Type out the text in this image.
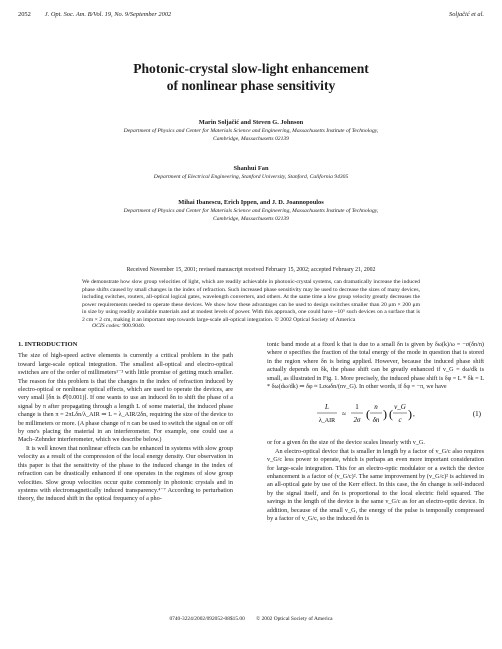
2052 J. Opt. Soc. Am. B/Vol. 19, No. 9/September 2002	Soljačić et al.
Photonic-crystal slow-light enhancement
of nonlinear phase sensitivity
Marin Soljačić and Steven G. Johnson
Department of Physics and Center for Materials Science and Engineering, Massachusetts Institute of Technology,
Cambridge, Massachusetts 02139
Shanhui Fan
Department of Electrical Engineering, Stanford University, Stanford, California 94305
Mihai Ibanescu, Erich Ippen, and J. D. Joannopoulos
Department of Physics and Center for Materials Science and Engineering, Massachusetts Institute of Technology,
Cambridge, Massachusetts 02139
Received November 15, 2001; revised manuscript received February 15, 2002; accepted February 21, 2002
We demonstrate how slow group velocities of light, which are readily achievable in photonic-crystal systems, can dramatically increase the induced phase shifts caused by small changes in the index of refraction. Such increased phase sensitivity may be used to decrease the sizes of many devices, including switches, routers, all-optical logical gates, wavelength converters, and others. At the same time a low group velocity greatly decreases the power requirements needed to operate these devices. We show how these advantages can be used to design switches smaller than 20 μm × 200 μm in size by using readily available materials and at modest levels of power. With this approach, one could have ~10⁵ such devices on a surface that is 2 cm × 2 cm, making it an important step towards large-scale all-optical integration. © 2002 Optical Society of America
OCIS codes: 900.9040.
1. INTRODUCTION

The size of high-speed active elements is currently a critical problem in the path toward large-scale optical integration. The smallest all-optical and electro-optical switches are of the order of millimeters¹⁻³ with little promise of getting much smaller. The reason for this problem is that the changes in the index of refraction induced by electro-optical or nonlinear optical effects, which are used to operate the devices, are very small [δn is 𝒪(0.001)]. If one wants to use an induced δn to shift the phase of a signal by π after propagating through a length L of some material, the induced phase change is then π = 2πLδn/λ_AIR ⇒ L = λ_AIR/2δn, requiring the size of the device to be millimeters or more. (A phase change of π can be used to switch the signal on or off by one's placing the material in an interferometer. For example, one could use a Mach–Zehnder interferometer, which we describe below.)

It is well known that nonlinear effects can be enhanced in systems with slow group velocity as a result of the compression of the local energy density. Our observation in this paper is that the sensitivity of the phase to the induced change in the index of refraction can be drastically enhanced if one operates in the regimes of slow group velocities. Slow group velocities occur quite commonly in photonic crystals and in systems with electromagnetically induced transparency.⁴⁻⁷ According to perturbation theory, the induced shift in the optical frequency of a pho-

tonic band mode at a fixed k that is due to a small δn is given by δω(k)/ω = −σ(δn/n) where σ specifies the fraction of the total energy of the mode in question that is stored in the region where δn is being applied. However, because the induced phase shift actually depends on δk, the phase shift can be greatly enhanced if v_G = dω/dk is small, as illustrated in Fig. 1. More precisely, the induced phase shift is δφ = L * δk = L * δω(dω/dk) ⇒ δφ ≈ Lσωδn/(nv_G). In other words, if δφ = −π, we have

L
λ_AIR
≈
1
2σ ( n
δn ) ( v_G
c ) ,	(1)

or for a given δn the size of the device scales linearly with v_G.

An electro-optical device that is smaller in length by a factor of v_G/c also requires v_G/c less power to operate, which is perhaps an even more important consideration for large-scale integration. This for an electro-optic modulator or a switch the device enhancement is a factor of (v_G/c)². The same improvement by (v_G/c)² is achieved in an all-optical gate by use of the Kerr effect. In this case, the δn change is self-induced by the signal itself, and δn is proportional to the local electric field squared. The savings in the length of the device is the same v_G/c as for an electro-optic device. In addition, because of the small v_G, the energy of the pulse is temporally compressed by a factor of v_G/c, so the induced δn is

0740-3224/2002/092052-08$15.00 © 2002 Optical Society of America
